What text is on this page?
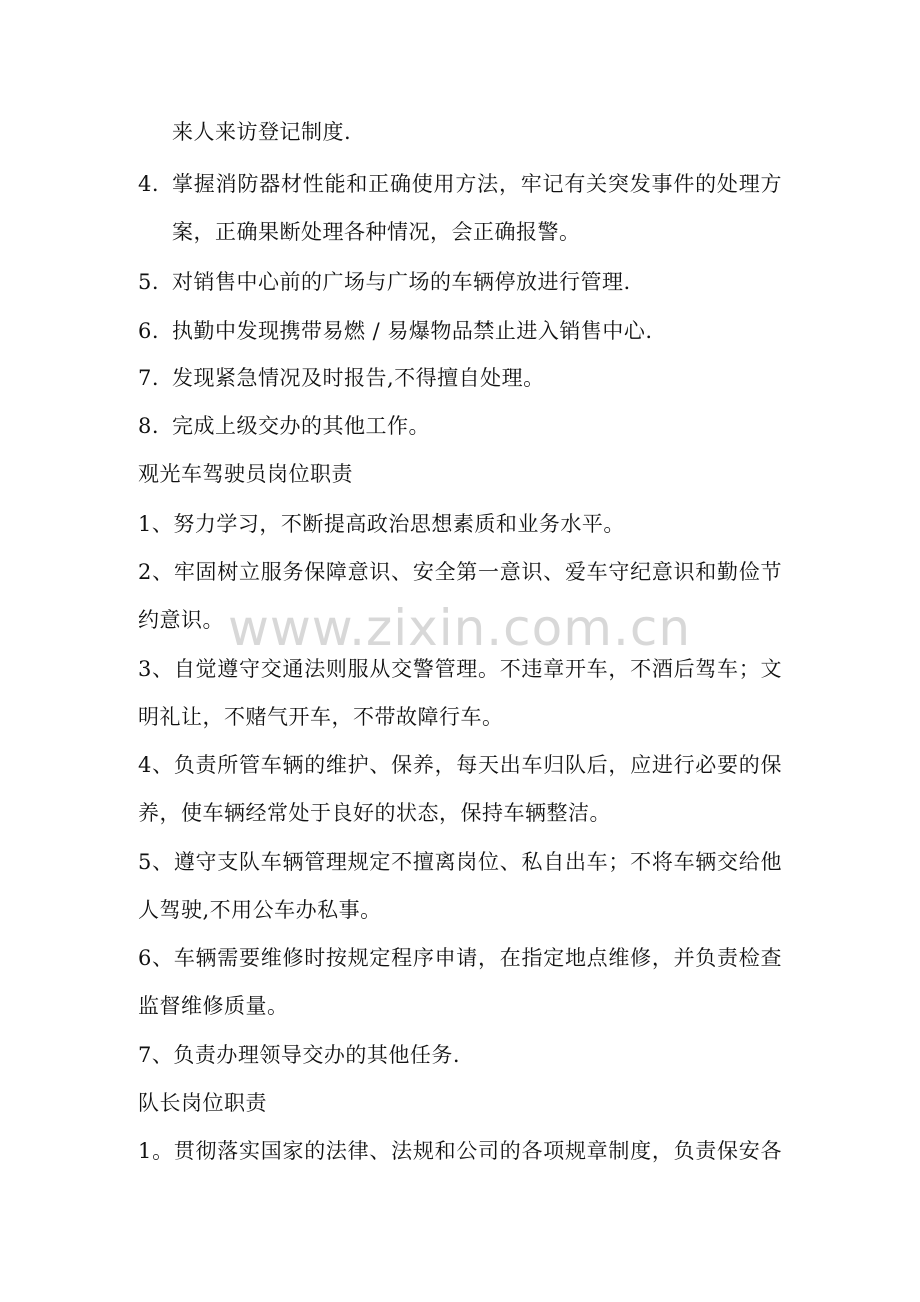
www.zixin.com.cn
来人来访登记制度.
4. 掌握消防器材性能和正确使用方法，牢记有关突发事件的处理方
案，正确果断处理各种情况，会正确报警。
5. 对销售中心前的广场与广场的车辆停放进行管理.
6. 执勤中发现携带易燃 / 易爆物品禁止进入销售中心.
7. 发现紧急情况及时报告,不得擅自处理。
8. 完成上级交办的其他工作。
观光车驾驶员岗位职责
1、努力学习，不断提高政治思想素质和业务水平。
2、牢固树立服务保障意识、安全第一意识、爱车守纪意识和勤俭节
约意识。
3、自觉遵守交通法则服从交警管理。不违章开车，不酒后驾车；文
明礼让，不赌气开车，不带故障行车。
4、负责所管车辆的维护、保养，每天出车归队后，应进行必要的保
养，使车辆经常处于良好的状态，保持车辆整洁。
5、遵守支队车辆管理规定不擅离岗位、私自出车；不将车辆交给他
人驾驶,不用公车办私事。
6、车辆需要维修时按规定程序申请，在指定地点维修，并负责检查
监督维修质量。
7、负责办理领导交办的其他任务.
队长岗位职责
1。贯彻落实国家的法律、法规和公司的各项规章制度，负责保安各
